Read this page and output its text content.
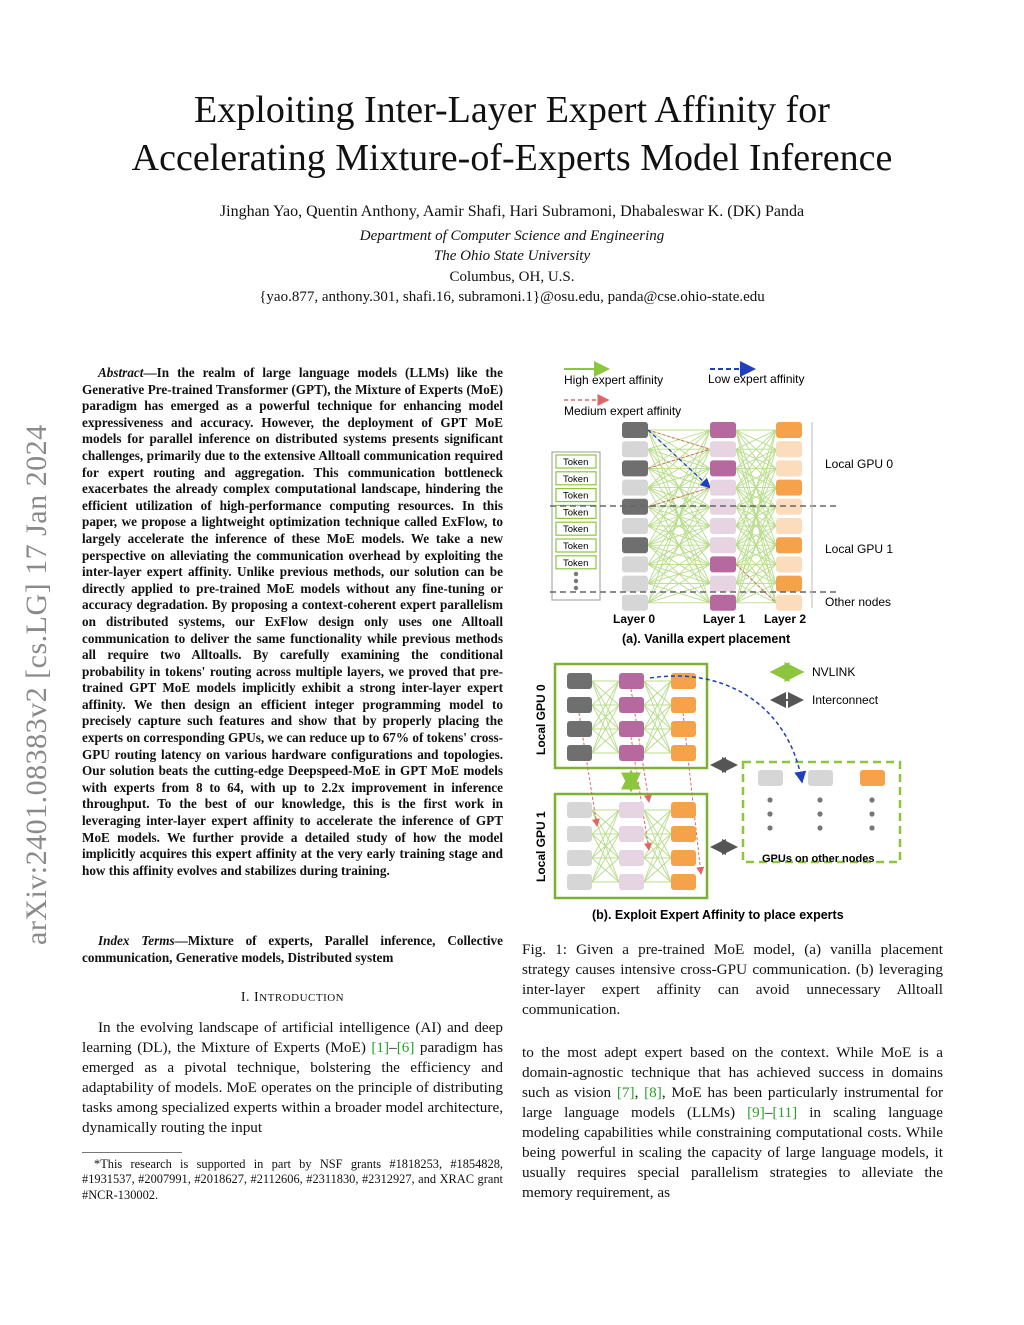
Exploiting Inter-Layer Expert Affinity for
Accelerating Mixture-of-Experts Model Inference
Jinghan Yao, Quentin Anthony, Aamir Shafi, Hari Subramoni, Dhabaleswar K. (DK) Panda
Department of Computer Science and Engineering
The Ohio State University
Columbus, OH, U.S.
{yao.877, anthony.301, shafi.16, subramoni.1}@osu.edu, panda@cse.ohio-state.edu
arXiv:2401.08383v2 [cs.LG] 17 Jan 2024
Abstract—In the realm of large language models (LLMs) like the Generative Pre-trained Transformer (GPT), the Mixture of Experts (MoE) paradigm has emerged as a powerful technique for enhancing model expressiveness and accuracy. However, the deployment of GPT MoE models for parallel inference on distributed systems presents significant challenges, primarily due to the extensive Alltoall communication required for expert routing and aggregation. This communication bottleneck exacerbates the already complex computational landscape, hindering the efficient utilization of high-performance computing resources. In this paper, we propose a lightweight optimization technique called ExFlow, to largely accelerate the inference of these MoE models. We take a new perspective on alleviating the communication overhead by exploiting the inter-layer expert affinity. Unlike previous methods, our solution can be directly applied to pre-trained MoE models without any fine-tuning or accuracy degradation. By proposing a context-coherent expert parallelism on distributed systems, our ExFlow design only uses one Alltoall communication to deliver the same functionality while previous methods all require two Alltoalls. By carefully examining the conditional probability in tokens' routing across multiple layers, we proved that pre-trained GPT MoE models implicitly exhibit a strong inter-layer expert affinity. We then design an efficient integer programming model to precisely capture such features and show that by properly placing the experts on corresponding GPUs, we can reduce up to 67% of tokens' cross-GPU routing latency on various hardware configurations and topologies. Our solution beats the cutting-edge Deepspeed-MoE in GPT MoE models with experts from 8 to 64, with up to 2.2x improvement in inference throughput. To the best of our knowledge, this is the first work in leveraging inter-layer expert affinity to accelerate the inference of GPT MoE models. We further provide a detailed study of how the model implicitly acquires this expert affinity at the very early training stage and how this affinity evolves and stabilizes during training.
Index Terms—Mixture of experts, Parallel inference, Collective communication, Generative models, Distributed system
I. INTRODUCTION
In the evolving landscape of artificial intelligence (AI) and deep learning (DL), the Mixture of Experts (MoE) [1]–[6] paradigm has emerged as a pivotal technique, bolstering the efficiency and adaptability of models. MoE operates on the principle of distributing tasks among specialized experts within a broader model architecture, dynamically routing the input
*This research is supported in part by NSF grants #1818253, #1854828, #1931537, #2007991, #2018627, #2112606, #2311830, #2312927, and XRAC grant #NCR-130002.
High expert affinity	Low expert affinity
Medium expert affinity
Token
Token
Token
Token
Token
Token
Token
Local GPU 0
Local GPU 1
Other nodes
Layer 0	Layer 1 Layer 2
(a). Vanilla expert placement
Local GPU 0
Local GPU 1
NVLINK
Interconnect
GPUs on other nodes
(b). Exploit Expert Affinity to place experts
Fig. 1: Given a pre-trained MoE model, (a) vanilla placement strategy causes intensive cross-GPU communication. (b) leveraging inter-layer expert affinity can avoid unnecessary Alltoall communication.
to the most adept expert based on the context. While MoE is a domain-agnostic technique that has achieved success in domains such as vision [7], [8], MoE has been particularly instrumental for large language models (LLMs) [9]–[11] in scaling language modeling capabilities while constraining computational costs. While being powerful in scaling the capacity of large language models, it usually requires special parallelism strategies to alleviate the memory requirement, as
